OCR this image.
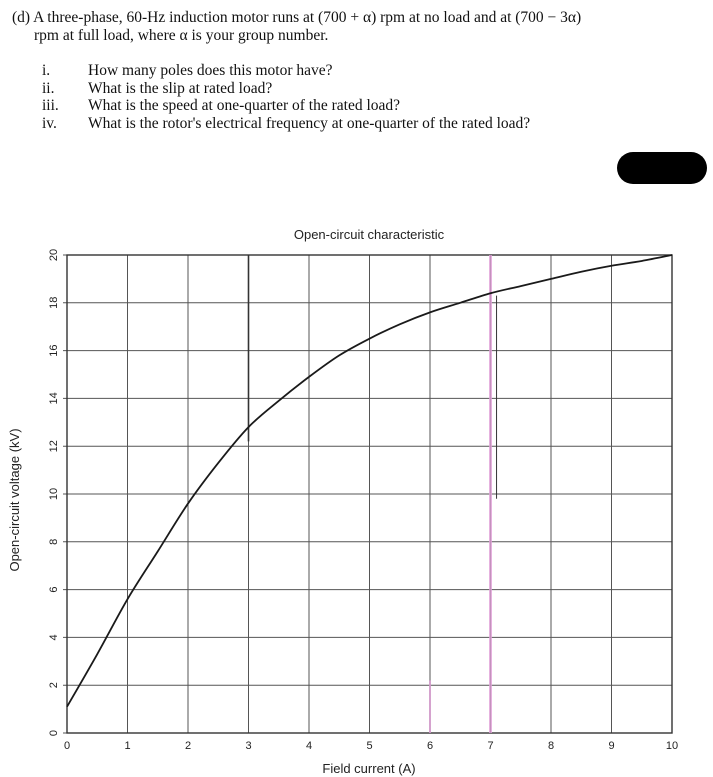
(d) A three-phase, 60-Hz induction motor runs at (700 + α) rpm at no load and at (700 − 3α)
rpm at full load, where α is your group number.
i.	How many poles does this motor have?
ii.	What is the slip at rated load?
iii.	What is the speed at one-quarter of the rated load?
iv.	What is the rotor's electrical frequency at one-quarter of the rated load?
0	1	2	3	4	5	6	7	8	9	10
0
2
4
6
8
10
12
14
16
18
20
Open-circuit characteristic
Field current (A)
Open-circuit voltage (kV)
